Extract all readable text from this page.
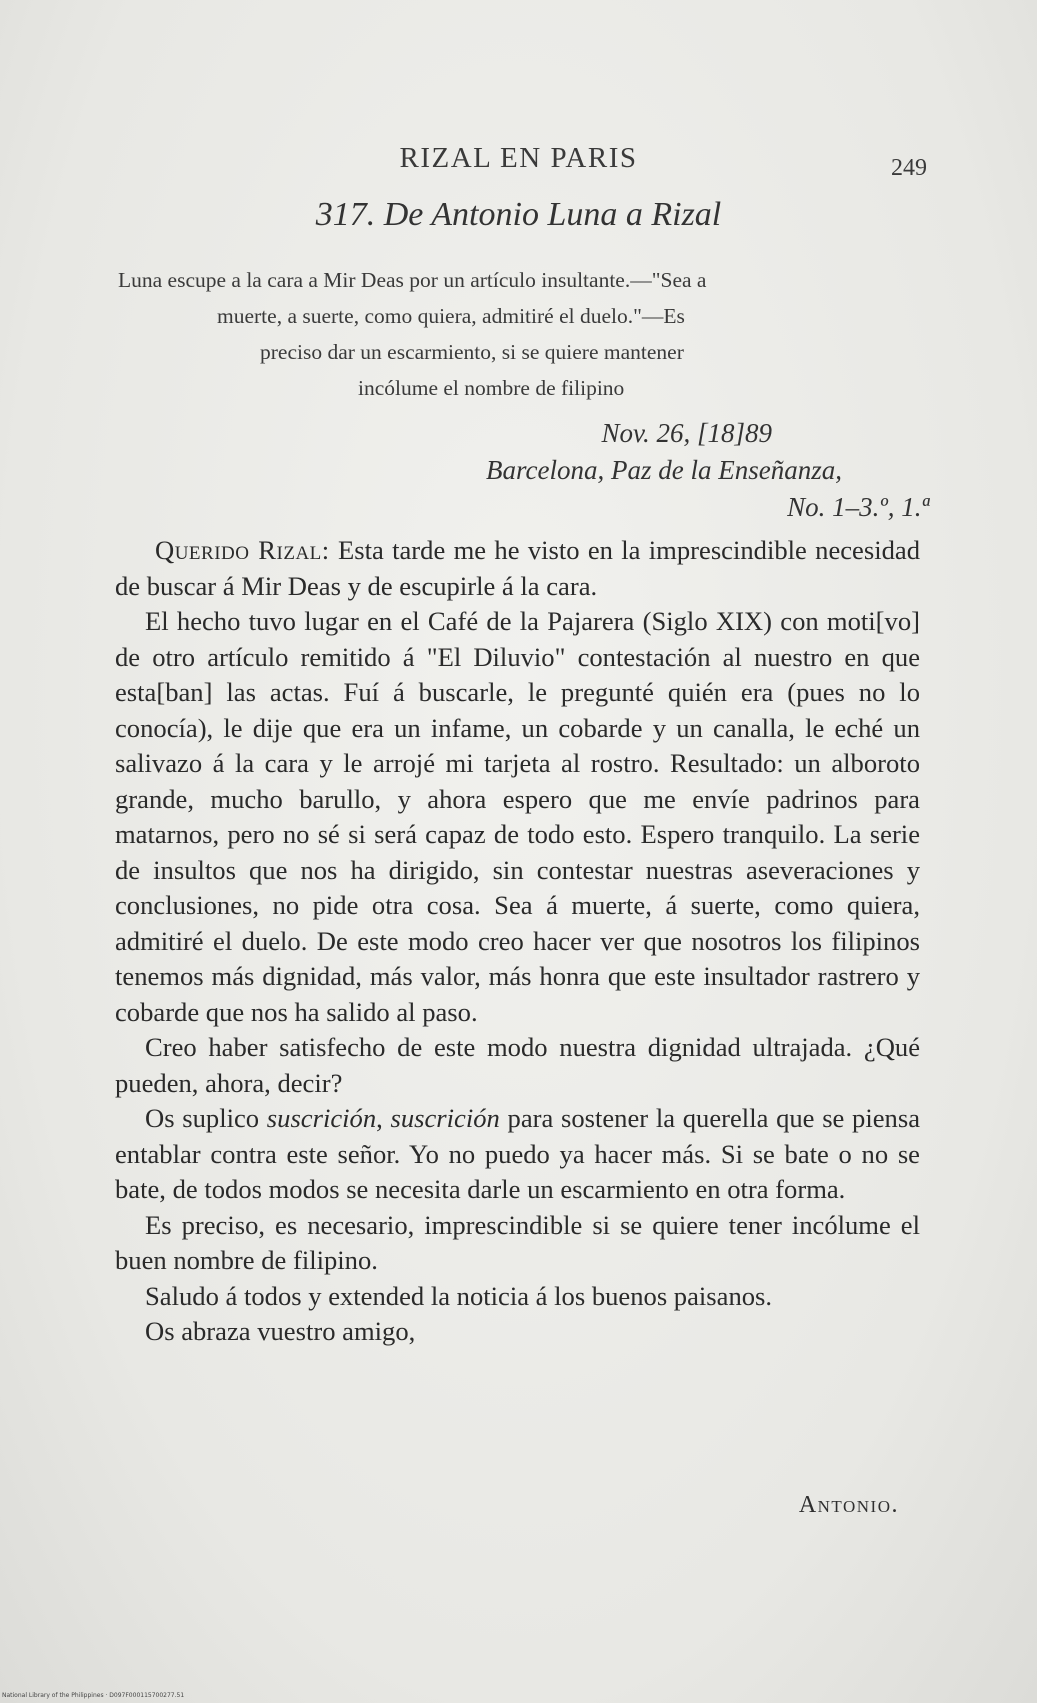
RIZAL EN PARIS	249
317. De Antonio Luna a Rizal
Luna escupe a la cara a Mir Deas por un artículo insultante.—"Sea a
muerte, a suerte, como quiera, admitiré el duelo."—Es
preciso dar un escarmiento, si se quiere mantener
incólume el nombre de filipino
Nov. 26, [18]89
Barcelona, Paz de la Enseñanza,
No. 1–3.º, 1.ª

Querido Rizal: Esta tarde me he visto en la imprescindible necesidad de buscar á Mir Deas y de escupirle á la cara.

El hecho tuvo lugar en el Café de la Pajarera (Siglo XIX) con moti[vo] de otro artículo remitido á "El Diluvio" contestación al nuestro en que esta[ban] las actas. Fuí á buscarle, le pregunté quién era (pues no lo conocía), le dije que era un infame, un cobarde y un canalla, le eché un salivazo á la cara y le arrojé mi tarjeta al rostro. Resultado: un alboroto grande, mucho barullo, y ahora espero que me envíe padrinos para matarnos, pero no sé si será capaz de todo esto. Espero tranquilo. La serie de insultos que nos ha dirigido, sin contestar nuestras aseveraciones y conclusiones, no pide otra cosa. Sea á muerte, á suerte, como quiera, admitiré el duelo. De este modo creo hacer ver que nosotros los filipinos tenemos más dignidad, más valor, más honra que este insultador rastrero y cobarde que nos ha salido al paso.

Creo haber satisfecho de este modo nuestra dignidad ultrajada. ¿Qué pueden, ahora, decir?

Os suplico suscrición, suscrición para sostener la querella que se piensa entablar contra este señor. Yo no puedo ya hacer más. Si se bate o no se bate, de todos modos se necesita darle un escarmiento en otra forma.

Es preciso, es necesario, imprescindible si se quiere tener incólume el buen nombre de filipino.

Saludo á todos y extended la noticia á los buenos paisanos.

Os abraza vuestro amigo,

Antonio.
National Library of the Philippines · D097F000115700277.51
